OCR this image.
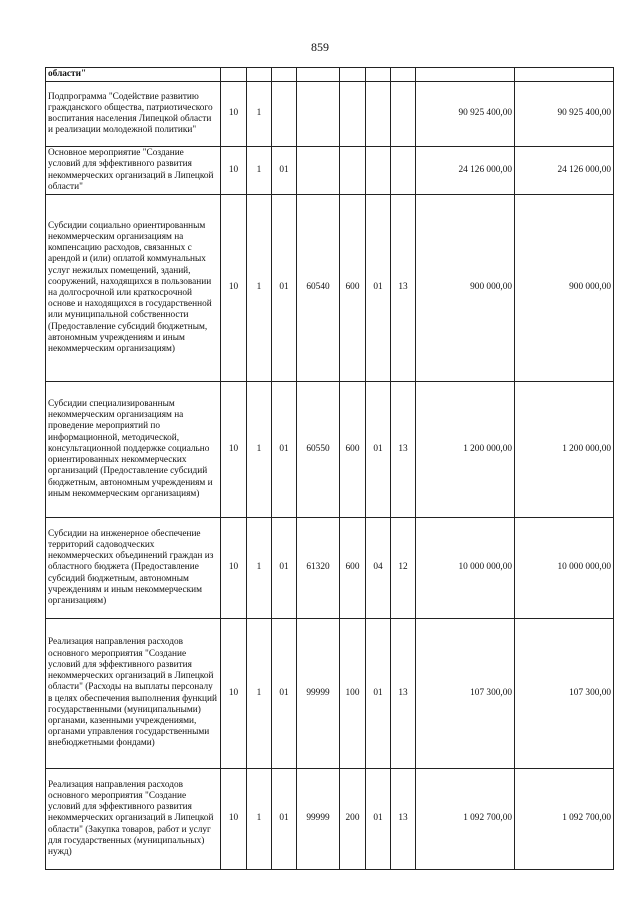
859
области"									
Подпрограмма "Содействие развитию гражданского общества, патриотического воспитания населения Липецкой области и реализации молодежной политики"	10	1						90 925 400,00	90 925 400,00
Основное мероприятие "Создание условий для эффективного развития некоммерческих организаций в Липецкой области"	10	1	01					24 126 000,00	24 126 000,00
Субсидии социально ориентированным некоммерческим организациям на компенсацию расходов, связанных с арендой и (или) оплатой коммунальных услуг нежилых помещений, зданий, сооружений, находящихся в пользовании на долгосрочной или краткосрочной основе и находящихся в государственной или муниципальной собственности (Предоставление субсидий бюджетным, автономным учреждениям и иным некоммерческим организациям)	10	1	01	60540	600	01	13	900 000,00	900 000,00
Субсидии специализированным некоммерческим организациям на проведение мероприятий по информационной, методической, консультационной поддержке социально ориентированных некоммерческих организаций (Предоставление субсидий бюджетным, автономным учреждениям и иным некоммерческим организациям)	10	1	01	60550	600	01	13	1 200 000,00	1 200 000,00
Субсидии на инженерное обеспечение территорий садоводческих некоммерческих объединений граждан из областного бюджета (Предоставление субсидий бюджетным, автономным учреждениям и иным некоммерческим организациям)	10	1	01	61320	600	04	12	10 000 000,00	10 000 000,00
Реализация направления расходов основного мероприятия "Создание условий для эффективного развития некоммерческих организаций в Липецкой области" (Расходы на выплаты персоналу в целях обеспечения выполнения функций государственными (муниципальными) органами, казенными учреждениями, органами управления государственными внебюджетными фондами)	10	1	01	99999	100	01	13	107 300,00	107 300,00
Реализация направления расходов основного мероприятия "Создание условий для эффективного развития некоммерческих организаций в Липецкой области" (Закупка товаров, работ и услуг для государственных (муниципальных) нужд)	10	1	01	99999	200	01	13	1 092 700,00	1 092 700,00
